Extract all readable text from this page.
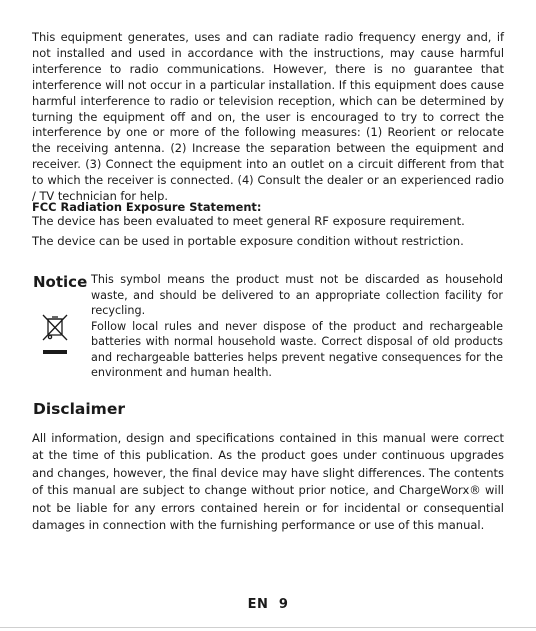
This equipment generates, uses and can radiate radio frequency energy and, if not installed and used in accordance with the instructions, may cause harmful interference to radio communications. However, there is no guarantee that interference will not occur in a particular installation. If this equipment does cause harmful interference to radio or television reception, which can be determined by turning the equipment off and on, the user is encouraged to try to correct the interference by one or more of the following measures: (1) Reorient or relocate the receiving antenna. (2) Increase the separation between the equipment and receiver. (3) Connect the equipment into an outlet on a circuit different from that to which the receiver is connected. (4) Consult the dealer or an experienced radio / TV technician for help.

FCC Radiation Exposure Statement:

The device has been evaluated to meet general RF exposure requirement.

The device can be used in portable exposure condition without restriction.

Notice This symbol means the product must not be discarded as household waste, and should be delivered to an appropriate collection facility for recycling.

Follow local rules and never dispose of the product and rechargeable batteries with normal household waste. Correct disposal of old products and rechargeable batteries helps prevent negative consequences for the environment and human health.

Disclaimer

All information, design and specifications contained in this manual were correct at the time of this publication. As the product goes under continuous upgrades and changes, however, the final device may have slight differences. The contents of this manual are subject to change without prior notice, and ChargeWorx® will not be liable for any errors contained herein or for incidental or consequential damages in connection with the furnishing performance or use of this manual.

EN 9
